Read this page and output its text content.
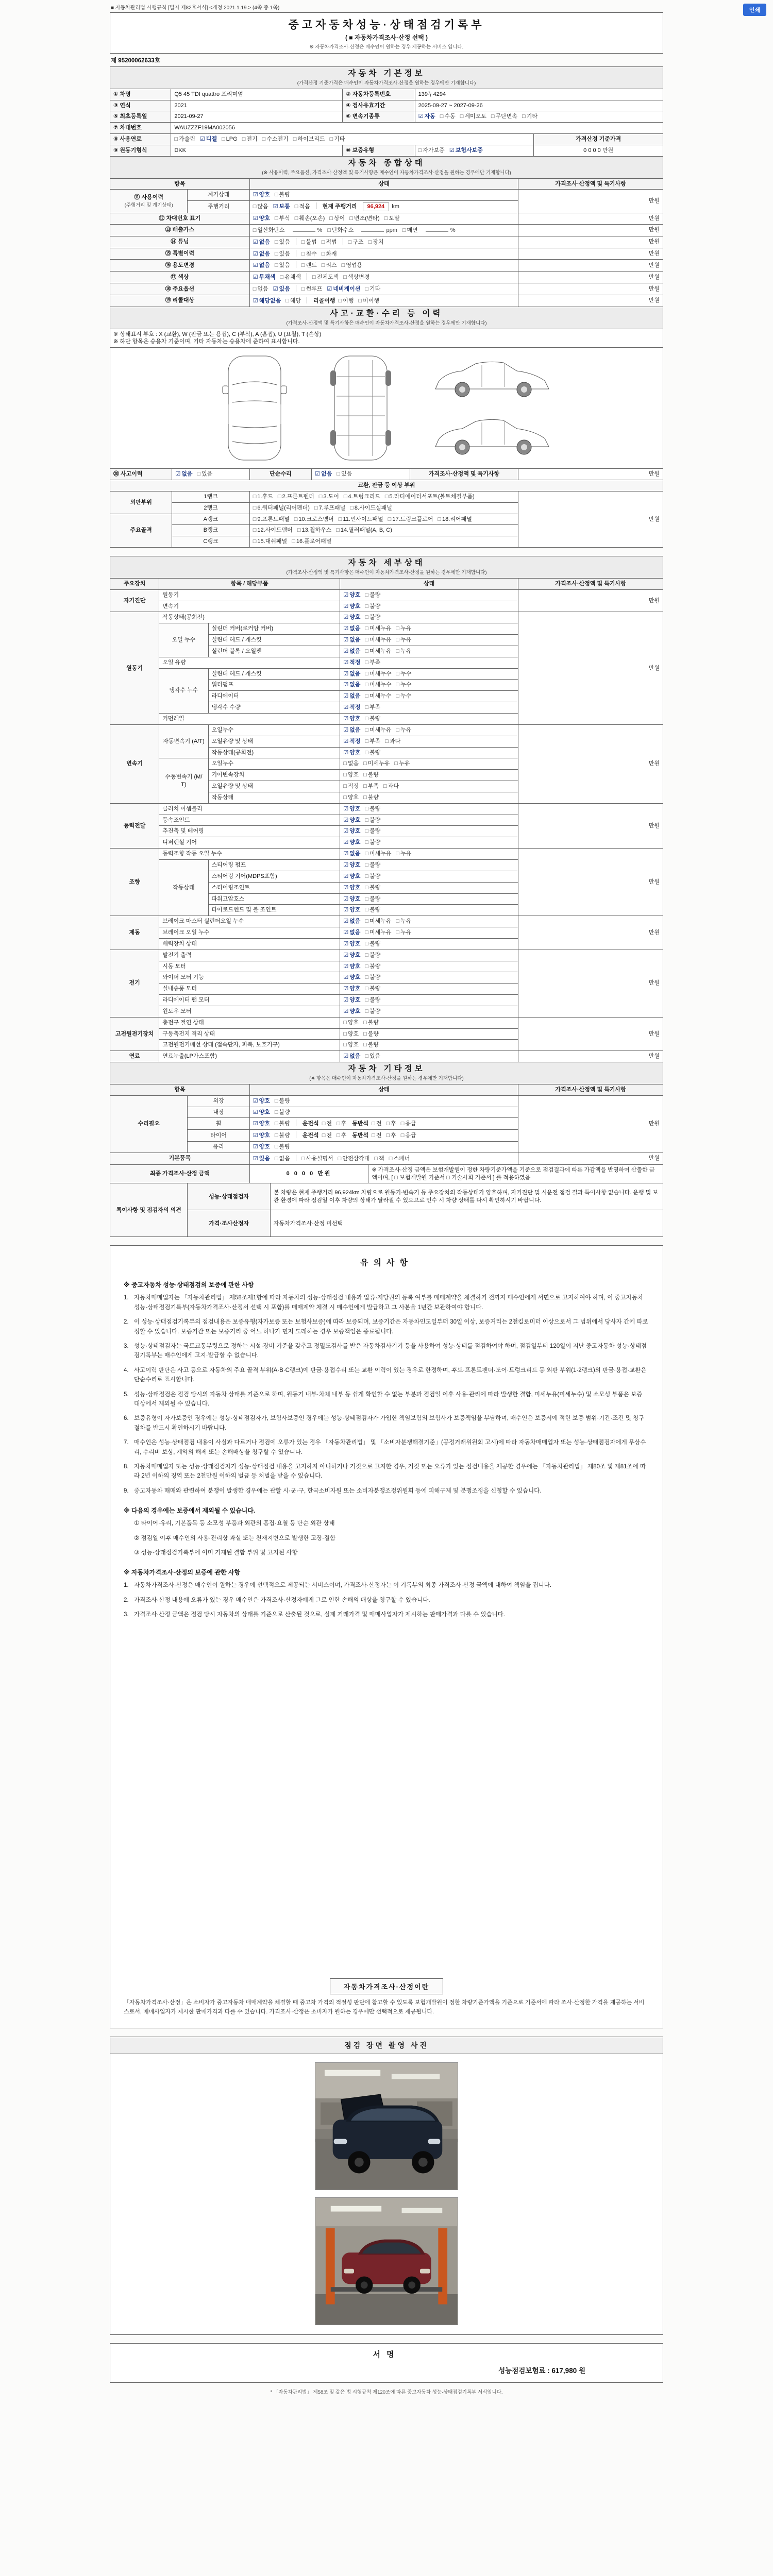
인쇄
■ 자동차관리법 시행규칙 [별지 제82호서식] <개정 2021.1.19.> (4쪽 중 1쪽)
중고자동차성능·상태점검기록부
( ■ 자동차가격조사·산정 선택 )
※ 자동차가격조사·산정은 매수인이 원하는 경우 제공하는 서비스 입니다.
제 95200062633호
자동차 기본정보
(가격산정 기준가격은 매수인이 자동차가격조사·산정을 원하는 경우에만 기재합니다)				

① 차명	Q5 45 TDI quattro 프리미엄	② 자동차등록번호	139누4294	
③ 연식	2021	④ 검사유효기간	2025-09-27 ~ 2027-09-26	
⑤ 최초등록일	2021-09-27	⑥ 변속기종류	☑ 자동 □ 수동 □ 세미오토 □ 무단변속 □ 기타	
⑦ 차대번호	WAUZZZF19MA002056			
⑧ 사용연료	□ 가솔린 ☑ 디젤 □ LPG □ 전기 □ 수소전기 □ 하이브리드 □ 기타			가격산정 기준가격
⑨ 원동기형식	DKK	⑩ 보증유형	□ 자가보증 ☑ 보험사보증	0 0 0 0 만원
자동차 종합상태
(※ 사용이력, 주요옵션, 가격조사·산정액 및 특기사항은 매수인이 자동차가격조사·산정을 원하는 경우에만 기재합니다)			

항목		상태	가격조사·산정액 및 특기사항
⑪ 사용이력
(주행거리 및 계기상태)	계기상태	☑ 양호 □ 불량	만원
	주행거리	□ 많음 ☑ 보통 □ 적음 현재 주행거리 96,924 km	
⑫ 차대번호 표기		☑ 양호 □ 부식 □ 훼손(오손) □ 상이 □ 변조(변타) □ 도말	만원
⑬ 배출가스		□ 일산화탄소 % □ 탄화수소 ppm □ 매연 %	만원
⑭ 튜닝		☑ 없음 □ 있음 □ 불법 □ 적법 □ 구조 □ 장치	만원
⑮ 특별이력		☑ 없음 □ 있음 □ 침수 □ 화재	만원
⑯ 용도변경		☑ 없음 □ 있음 □ 렌트 □ 리스 □ 영업용	만원
⑰ 색상		☑ 무채색 □ 유채색 □ 전체도색 □ 색상변경	만원
⑱ 주요옵션		□ 없음 ☑ 있음 □ 썬루프 ☑ 네비게이션 □ 기타	만원
⑲ 리콜대상		☑ 해당없음 □ 해당 리콜이행 □ 이행 □ 미이행	만원
사고·교환·수리 등 이력
(가격조사·산정액 및 특기사항은 매수인이 자동차가격조사·산정을 원하는 경우에만 기재합니다)					

※ 상태표시 부호 : X (교환), W (판금 또는 용접), C (부식), A (흠집), U (요철), T (손상)
※ 하단 항목은 승용차 기준이며, 기타 자동차는 승용차에 준하여 표시합니다.					

⑳ 사고이력	☑ 없음 □ 있음	단순수리	☑ 없음 □ 있음	가격조사·산정액 및 특기사항	만원
교환, 판금 등 이상 부위					
외판부위	1랭크	□ 1.후드 □ 2.프론트펜더 □ 3.도어 □ 4.트렁크리드 □ 5.라디에이터서포트(볼트체결부품)			만원
	2랭크	□ 6.쿼터패널(리어펜더) □ 7.루프패널 □ 8.사이드실패널			
주요골격	A랭크	□ 9.프론트패널 □ 10.크로스멤버 □ 11.인사이드패널 □ 17.트렁크플로어 □ 18.리어패널			
	B랭크	□ 12.사이드멤버 □ 13.휠하우스 □ 14.필러패널(A, B, C)			
	C랭크	□ 15.대쉬패널 □ 16.플로어패널			
자동차 세부상태
(가격조사·산정액 및 특기사항은 매수인이 자동차가격조사·산정을 원하는 경우에만 기재합니다)				

주요장치	항목 / 해당부품		상태	가격조사·산정액 및 특기사항
자기진단	원동기		☑ 양호 □ 불량	만원
	변속기		☑ 양호 □ 불량	
원동기	작동상태(공회전)		☑ 양호 □ 불량	만원
	오일 누수	실린더 커버(로커암 커버)	☑ 없음 □ 미세누유 □ 누유	
		실린더 헤드 / 개스킷	☑ 없음 □ 미세누유 □ 누유	
		실린더 블록 / 오일팬	☑ 없음 □ 미세누유 □ 누유	
	오일 유량		☑ 적정 □ 부족	
	냉각수 누수	실린더 헤드 / 개스킷	☑ 없음 □ 미세누수 □ 누수	
		워터펌프	☑ 없음 □ 미세누수 □ 누수	
		라디에이터	☑ 없음 □ 미세누수 □ 누수	
		냉각수 수량	☑ 적정 □ 부족	
	커먼레일		☑ 양호 □ 불량	
변속기	자동변속기 (A/T)	오일누수	☑ 없음 □ 미세누유 □ 누유	만원
		오일유량 및 상태	☑ 적정 □ 부족 □ 과다	
		작동상태(공회전)	☑ 양호 □ 불량	
	수동변속기 (M/T)	오일누수	□ 없음 □ 미세누유 □ 누유	
		기어변속장치	□ 양호 □ 불량	
		오일유량 및 상태	□ 적정 □ 부족 □ 과다	
		작동상태	□ 양호 □ 불량	
동력전달	클러치 어셈블리		☑ 양호 □ 불량	만원
	등속조인트		☑ 양호 □ 불량	
	추진축 및 베어링		☑ 양호 □ 불량	
	디퍼렌셜 기어		☑ 양호 □ 불량	
조향	동력조향 작동 오일 누수		☑ 없음 □ 미세누유 □ 누유	만원
	작동상태	스티어링 펌프	☑ 양호 □ 불량	
		스티어링 기어(MDPS포함)	☑ 양호 □ 불량	
		스티어링조인트	☑ 양호 □ 불량	
		파워고압호스	☑ 양호 □ 불량	
		타이로드엔드 및 볼 조인트	☑ 양호 □ 불량	
제동	브레이크 마스터 실린더오일 누수		☑ 없음 □ 미세누유 □ 누유	만원
	브레이크 오일 누수		☑ 없음 □ 미세누유 □ 누유	
	배력장치 상태		☑ 양호 □ 불량	
전기	발전기 출력		☑ 양호 □ 불량	만원
	시동 모터		☑ 양호 □ 불량	
	와이퍼 모터 기능		☑ 양호 □ 불량	
	실내송풍 모터		☑ 양호 □ 불량	
	라디에이터 팬 모터		☑ 양호 □ 불량	
	윈도우 모터		☑ 양호 □ 불량	
고전원전기장치	충전구 절연 상태		□ 양호 □ 불량	만원
	구동축전지 격리 상태		□ 양호 □ 불량	
	고전원전기배선 상태 (접속단자, 피복, 보호기구)		□ 양호 □ 불량	
연료	연료누출(LP가스포함)		☑ 없음 □ 있음	만원
자동차 기타정보
(※ 항목은 매수인이 자동차가격조사·산정을 원하는 경우에만 기재합니다)			

항목		상태	가격조사·산정액 및 특기사항
수리필요	외장	☑ 양호 □ 불량	만원
	내장	☑ 양호 □ 불량	
	휠	☑ 양호 □ 불량 운전석 □ 전 □ 후 동반석 □ 전 □ 후 □ 응급	
	타이어	☑ 양호 □ 불량 운전석 □ 전 □ 후 동반석 □ 전 □ 후 □ 응급	
	유리	☑ 양호 □ 불량	
기본품목		☑ 있음 □ 없음 □ 사용설명서 □ 안전삼각대 □ 잭 □ 스패너	만원
최종 가격조사·산정 금액	0 0 0 0 만원	※ 가격조사·산정 금액은 보험개발원이 정한 차량기준가액을 기준으로 점검결과에 따른 가감액을 반영하여 산출한 금액이며, [ □ 보험개발원 기준서 □ 기술사회 기준서 ] 를 적용하였음
특이사항 및 점검자의 의견	성능·상태점검자	본 차량은 현재 주행거리 96,924km 차량으로 원동기·변속기 등 주요장치의 작동상태가 양호하며, 자기진단 및 시운전 점검 결과 특이사항 없습니다. 운행 및 보관 환경에 따라 점검일 이후 차량의 상태가 달라질 수 있으므로 인수 시 차량 상태를 다시 확인하시기 바랍니다.
	가격·조사산정자	자동차가격조사·산정 미선택
유의사항
※ 중고자동차 성능·상태점검의 보증에 관한 사항
1. 자동차매매업자는 「자동차관리법」 제58조제1항에 따라 자동차의 성능·상태점검 내용과 압류·저당권의 등록 여부를 매매계약을 체결하기 전까지 매수인에게 서면으로 고지하여야 하며, 이 중고자동차 성능·상태점검기록부(자동차가격조사·산정서 선택 시 포함)를 매매계약 체결 시 매수인에게 발급하고 그 사본을 1년간 보관하여야 합니다.
2. 이 성능·상태점검기록부의 점검내용은 보증유형(자가보증 또는 보험사보증)에 따라 보증되며, 보증기간은 자동차인도일부터 30일 이상, 보증거리는 2천킬로미터 이상으로서 그 범위에서 당사자 간에 따로 정할 수 있습니다. 보증기간 또는 보증거리 중 어느 하나가 먼저 도래하는 경우 보증책임은 종료됩니다.
3. 성능·상태점검자는 국토교통부령으로 정하는 시설·장비 기준을 갖추고 정밀도검사를 받은 자동차검사기기 등을 사용하여 성능·상태를 점검하여야 하며, 점검일부터 120일이 지난 중고자동차 성능·상태점검기록부는 매수인에게 고지·발급할 수 없습니다.
4. 사고이력 판단은 사고 등으로 자동차의 주요 골격 부위(A·B·C랭크)에 판금·용접수리 또는 교환 이력이 있는 경우로 한정하며, 후드·프론트펜더·도어·트렁크리드 등 외판 부위(1·2랭크)의 판금·용접·교환은 단순수리로 표시합니다.
5. 성능·상태점검은 점검 당시의 자동차 상태를 기준으로 하며, 원동기 내부·차체 내부 등 쉽게 확인할 수 없는 부분과 점검일 이후 사용·관리에 따라 발생한 결함, 미세누유(미세누수) 및 소모성 부품은 보증 대상에서 제외될 수 있습니다.
6. 보증유형이 자가보증인 경우에는 성능·상태점검자가, 보험사보증인 경우에는 성능·상태점검자가 가입한 책임보험의 보험사가 보증책임을 부담하며, 매수인은 보증서에 적힌 보증 범위·기간·조건 및 청구 절차를 반드시 확인하시기 바랍니다.
7. 매수인은 성능·상태점검 내용이 사실과 다르거나 점검에 오류가 있는 경우 「자동차관리법」 및 「소비자분쟁해결기준」(공정거래위원회 고시)에 따라 자동차매매업자 또는 성능·상태점검자에게 무상수리, 수리비 보상, 계약의 해제 또는 손해배상을 청구할 수 있습니다.
8. 자동차매매업자 또는 성능·상태점검자가 성능·상태점검 내용을 고지하지 아니하거나 거짓으로 고지한 경우, 거짓 또는 오류가 있는 점검내용을 제공한 경우에는 「자동차관리법」 제80조 및 제81조에 따라 2년 이하의 징역 또는 2천만원 이하의 벌금 등 처벌을 받을 수 있습니다.
9. 중고자동차 매매와 관련하여 분쟁이 발생한 경우에는 관할 시·군·구, 한국소비자원 또는 소비자분쟁조정위원회 등에 피해구제 및 분쟁조정을 신청할 수 있습니다.
※ 다음의 경우에는 보증에서 제외될 수 있습니다.
① 타이어·유리, 기본품목 등 소모성 부품과 외관의 흠집·요철 등 단순 외관 상태
② 점검일 이후 매수인의 사용·관리상 과실 또는 천재지변으로 발생한 고장·결함
③ 성능·상태점검기록부에 이미 기재된 결함 부위 및 고지된 사항
※ 자동차가격조사·산정의 보증에 관한 사항
1. 자동차가격조사·산정은 매수인이 원하는 경우에 선택적으로 제공되는 서비스이며, 가격조사·산정자는 이 기록부의 최종 가격조사·산정 금액에 대하여 책임을 집니다.
2. 가격조사·산정 내용에 오류가 있는 경우 매수인은 가격조사·산정자에게 그로 인한 손해의 배상을 청구할 수 있습니다.
3. 가격조사·산정 금액은 점검 당시 자동차의 상태를 기준으로 산출된 것으로, 실제 거래가격 및 매매사업자가 제시하는 판매가격과 다를 수 있습니다.
자동차가격조사·산정이란
「자동차가격조사·산정」은 소비자가 중고자동차 매매계약을 체결할 때 중고차 가격의 적절성 판단에 참고할 수 있도록 보험개발원이 정한 차량기준가액을 기준으로 기준서에 따라 조사·산정한 가격을 제공하는 서비스로서, 매매사업자가 제시한 판매가격과 다를 수 있습니다. 가격조사·산정은 소비자가 원하는 경우에만 선택적으로 제공됩니다.
점검 장면 촬영 사진
서명
성능점검보험료 : 617,980 원
* 「자동차관리법」 제58조 및 같은 법 시행규칙 제120조에 따른 중고자동차 성능·상태점검기록부 서식입니다.
